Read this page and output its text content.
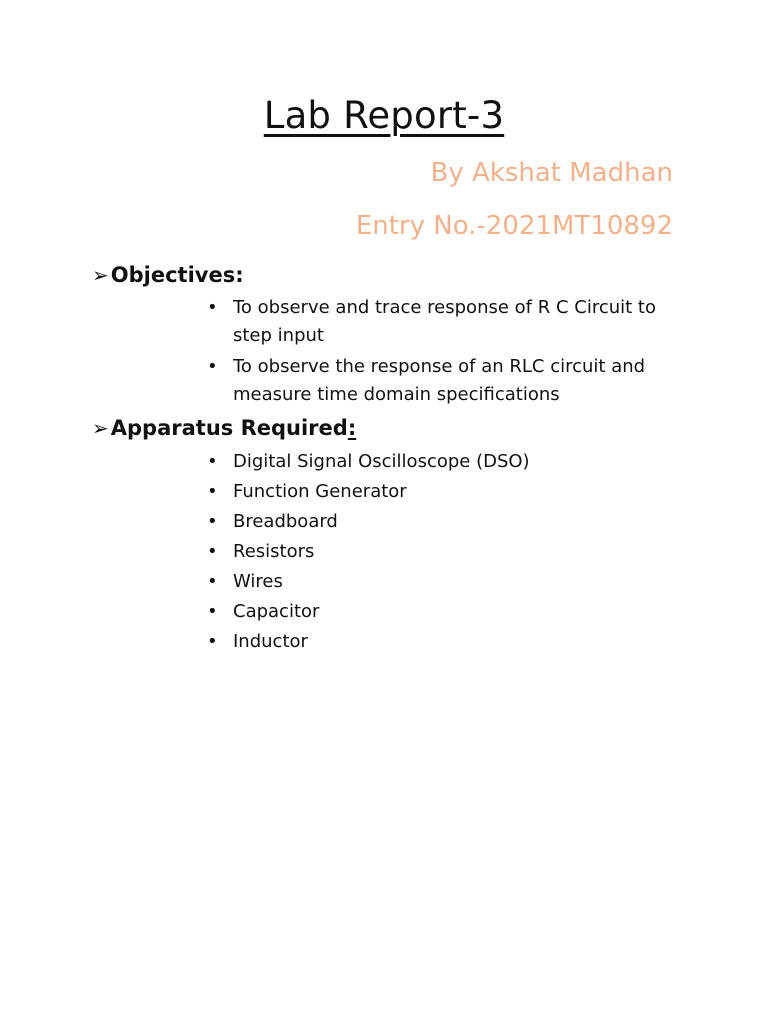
Lab Report-3
By Akshat Madhan
Entry No.-2021MT10892
➢Objectives:
• To observe and trace response of R C Circuit to step input
• To observe the response of an RLC circuit and measure time domain specifications
➢Apparatus Required:
• Digital Signal Oscilloscope (DSO)
• Function Generator
• Breadboard
• Resistors
• Wires
• Capacitor
• Inductor
